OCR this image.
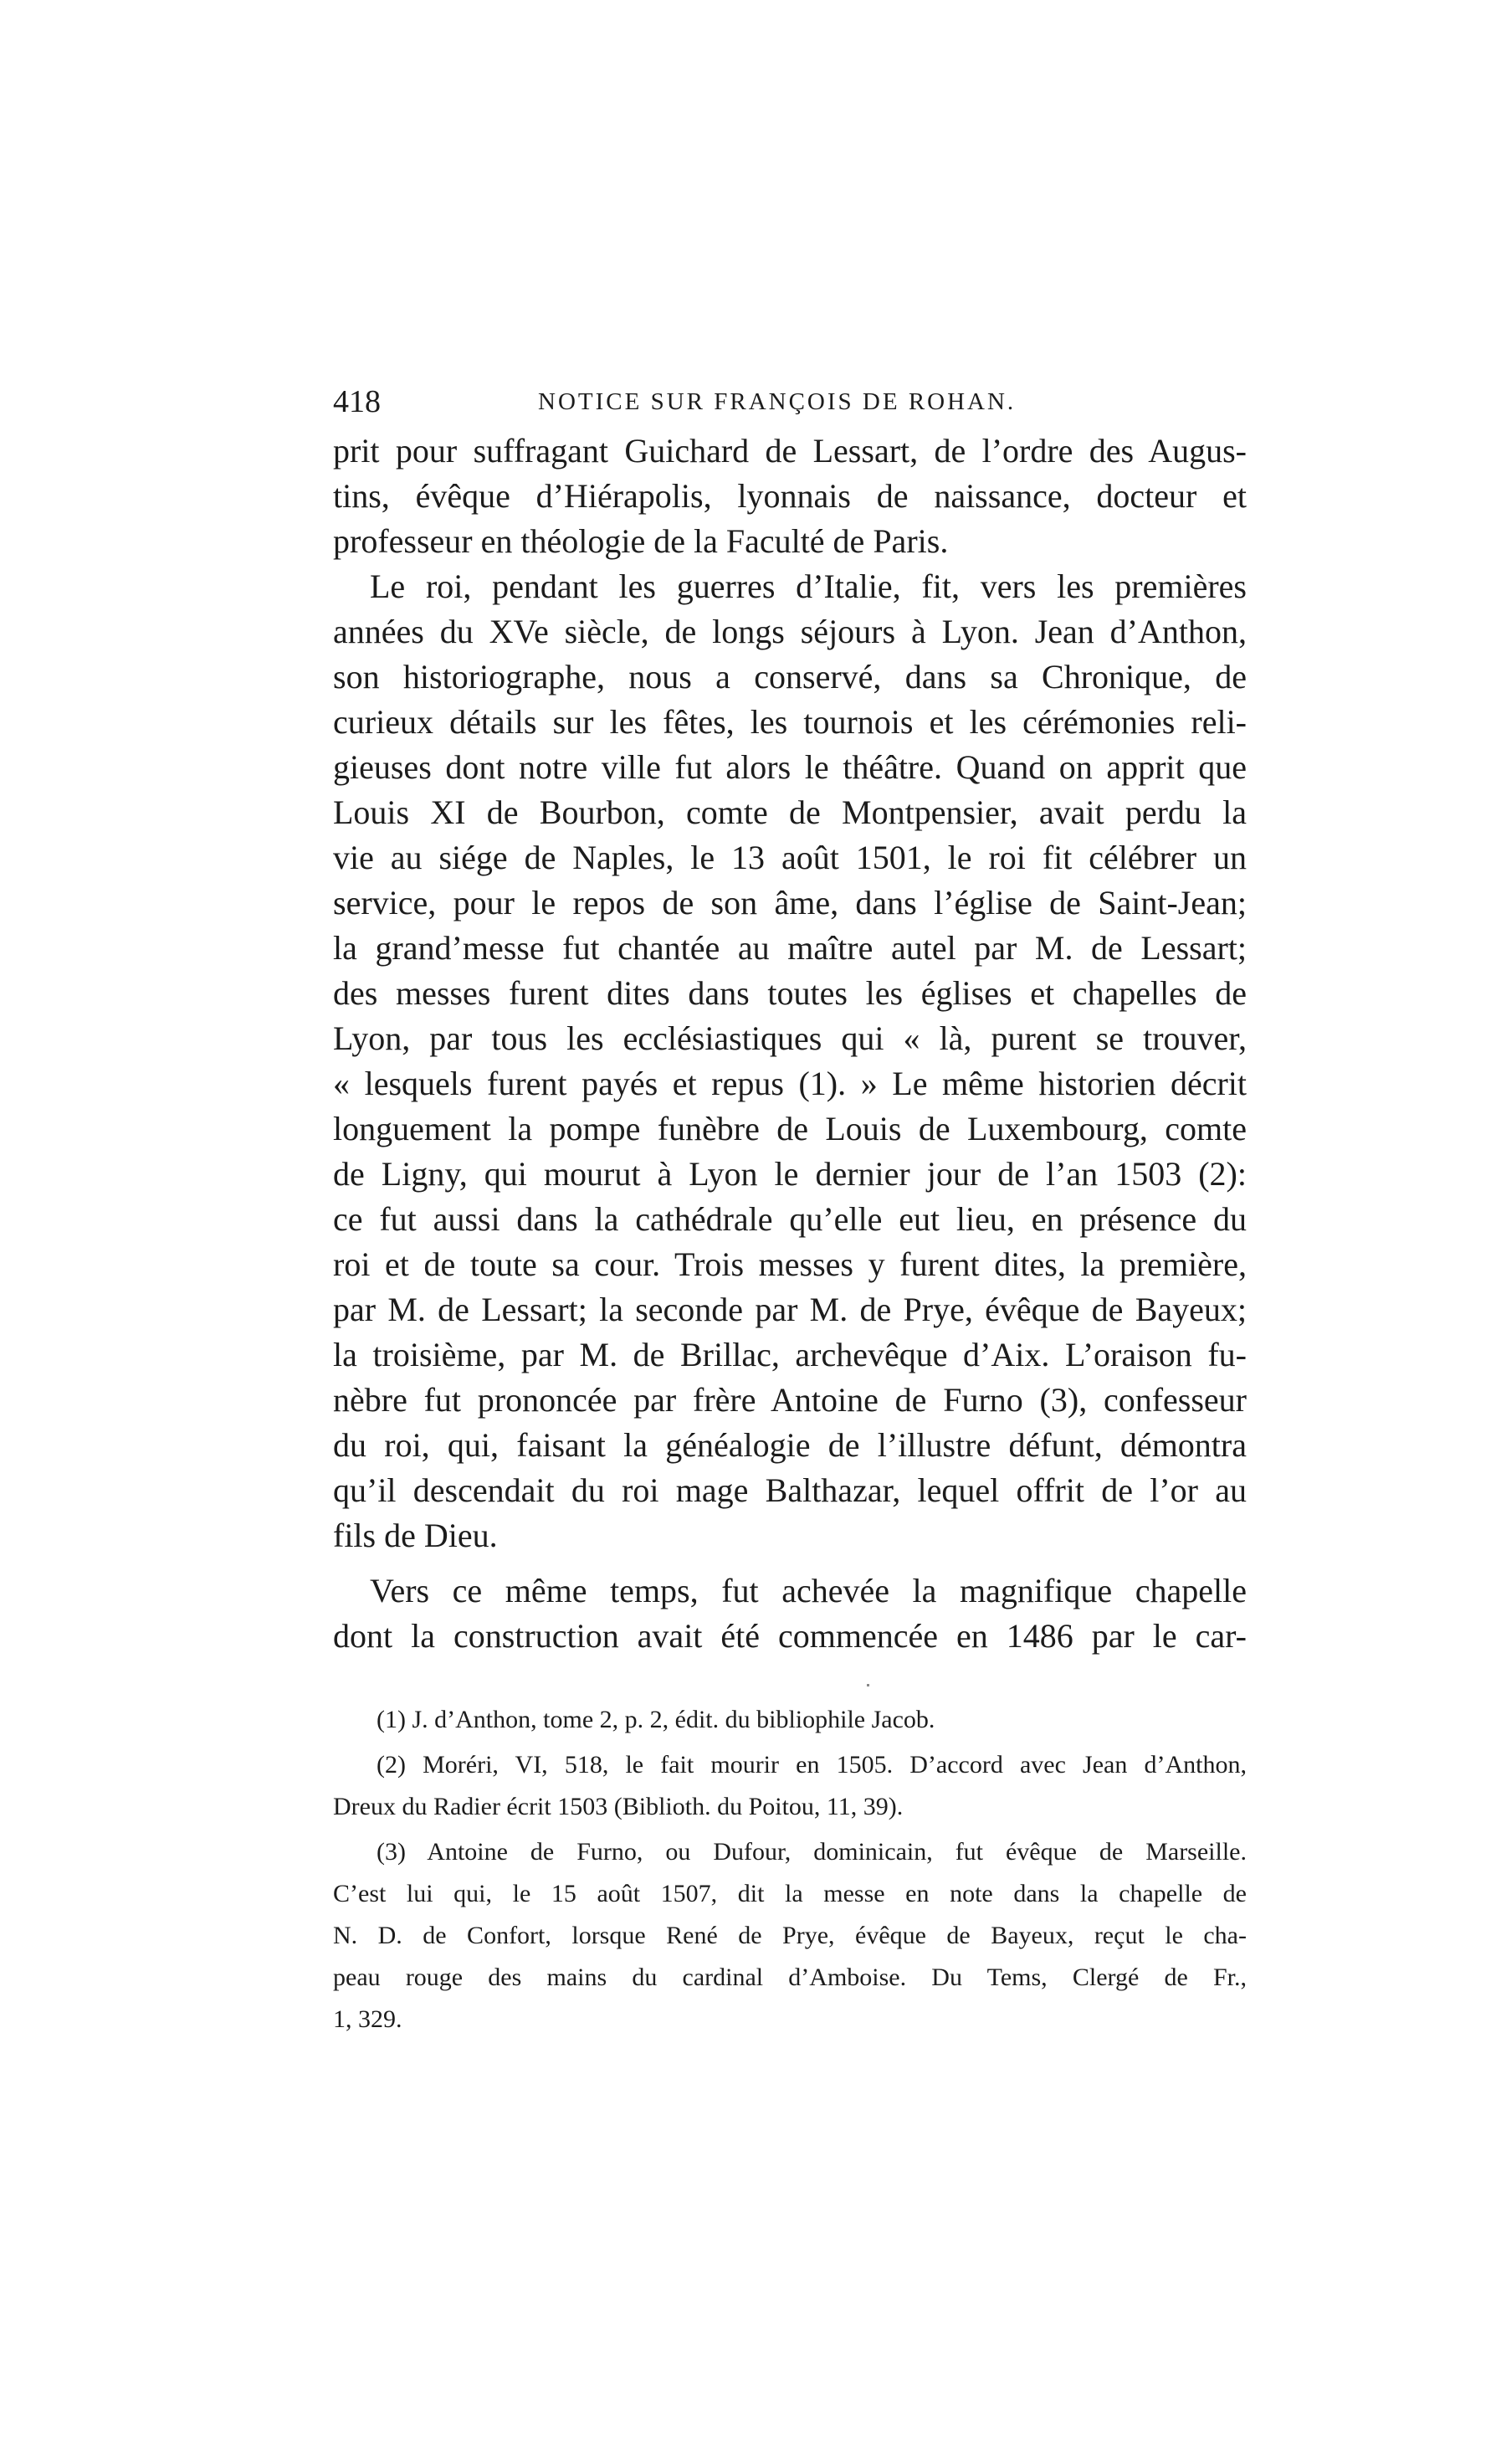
418	NOTICE SUR FRANÇOIS DE ROHAN.
prit pour suffragant Guichard de Lessart, de l’ordre des Augus-
tins, évêque d’Hiérapolis, lyonnais de naissance, docteur et
professeur en théologie de la Faculté de Paris.
Le roi, pendant les guerres d’Italie, fit, vers les premières
années du XVe siècle, de longs séjours à Lyon. Jean d’Anthon,
son historiographe, nous a conservé, dans sa Chronique, de
curieux détails sur les fêtes, les tournois et les cérémonies reli-
gieuses dont notre ville fut alors le théâtre. Quand on apprit que
Louis XI de Bourbon, comte de Montpensier, avait perdu la
vie au siége de Naples, le 13 août 1501, le roi fit célébrer un
service, pour le repos de son âme, dans l’église de Saint-Jean;
la grand’messe fut chantée au maître autel par M. de Lessart;
des messes furent dites dans toutes les églises et chapelles de
Lyon, par tous les ecclésiastiques qui « là, purent se trouver,
« lesquels furent payés et repus (1). » Le même historien décrit
longuement la pompe funèbre de Louis de Luxembourg, comte
de Ligny, qui mourut à Lyon le dernier jour de l’an 1503 (2):
ce fut aussi dans la cathédrale qu’elle eut lieu, en présence du
roi et de toute sa cour. Trois messes y furent dites, la première,
par M. de Lessart; la seconde par M. de Prye, évêque de Bayeux;
la troisième, par M. de Brillac, archevêque d’Aix. L’oraison fu-
nèbre fut prononcée par frère Antoine de Furno (3), confesseur
du roi, qui, faisant la généalogie de l’illustre défunt, démontra
qu’il descendait du roi mage Balthazar, lequel offrit de l’or au
fils de Dieu.
Vers ce même temps, fut achevée la magnifique chapelle
dont la construction avait été commencée en 1486 par le car-
(1) J. d’Anthon, tome 2, p. 2, édit. du bibliophile Jacob.
(2) Moréri, VI, 518, le fait mourir en 1505. D’accord avec Jean d’Anthon,
Dreux du Radier écrit 1503 (Biblioth. du Poitou, 11, 39).
(3) Antoine de Furno, ou Dufour, dominicain, fut évêque de Marseille.
C’est lui qui, le 15 août 1507, dit la messe en note dans la chapelle de
N. D. de Confort, lorsque René de Prye, évêque de Bayeux, reçut le cha-
peau rouge des mains du cardinal d’Amboise. Du Tems, Clergé de Fr.,
1, 329.
